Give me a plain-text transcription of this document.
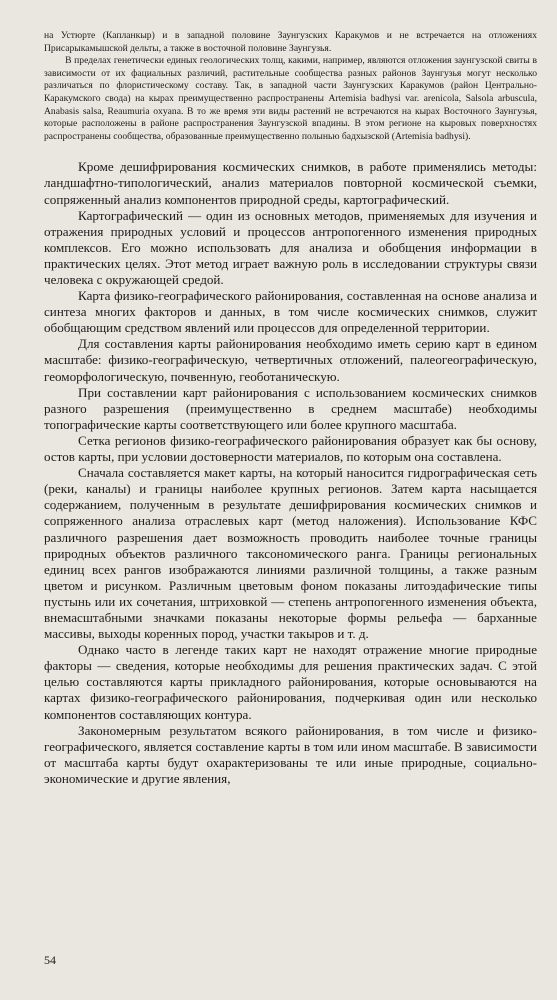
на Устюрте (Капланкыр) и в западной половине Заунгузских Каракумов и не встречается на отложениях Присарыкамышской дельты, а также в восточной половине Заунгузья.

В пределах генетически единых геологических толщ, какими, например, являются отложения заунгузской свиты в зависимости от их фациальных различий, растительные сообщества разных районов Заунгузья могут несколько различаться по флористическому составу. Так, в западной части Заунгузских Каракумов (район Центрально-Каракумского свода) на кырах преимущественно распространены Artemisia badhysi var. arenicola, Salsola arbuscula, Anabasis salsa, Reaumuria oxyana. В то же время эти виды растений не встречаются на кырах Восточного Заунгузья, которые расположены в районе распространения Заунгузской впадины. В этом регионе на кыровых поверхностях распространены сообщества, образованные преимущественно полынью бадхызской (Artemisia badhysi).

Кроме дешифрирования космических снимков, в работе применялись методы: ландшафтно-типологический, анализ материалов повторной космической съемки, сопряженный анализ компонентов природной среды, картографический.

Картографический — один из основных методов, применяемых для изучения и отражения природных условий и процессов антропогенного изменения природных комплексов. Его можно использовать для анализа и обобщения информации в практических целях. Этот метод играет важную роль в исследовании структуры связи человека с окружающей средой.

Карта физико-географического районирования, составленная на основе анализа и синтеза многих факторов и данных, в том числе космических снимков, служит обобщающим средством явлений или процессов для определенной территории.

Для составления карты районирования необходимо иметь серию карт в едином масштабе: физико-географическую, четвертичных отложений, палеогеографическую, геоморфологическую, почвенную, геоботаническую.

При составлении карт районирования с использованием космических снимков разного разрешения (преимущественно в среднем масштабе) необходимы топографические карты соответствующего или более крупного масштаба.

Сетка регионов физико-географического районирования образует как бы основу, остов карты, при условии достоверности материалов, по которым она составлена.

Сначала составляется макет карты, на который наносится гидрографическая сеть (реки, каналы) и границы наиболее крупных регионов. Затем карта насыщается содержанием, полученным в результате дешифрирования космических снимков и сопряженного анализа отраслевых карт (метод наложения). Использование КФС различного разрешения дает возможность проводить наиболее точные границы природных объектов различного таксономического ранга. Границы региональных единиц всех рангов изображаются линиями различной толщины, а также разным цветом и рисунком. Различным цветовым фоном показаны литоэдафические типы пустынь или их сочетания, штриховкой — степень антропогенного изменения объекта, внемасштабными значками показаны некоторые формы рельефа — барханные массивы, выходы коренных пород, участки такыров и т. д.

Однако часто в легенде таких карт не находят отражение многие природные факторы — сведения, которые необходимы для решения практических задач. С этой целью составляются карты прикладного районирования, которые основываются на картах физико-географического районирования, подчеркивая один или несколько компонентов составляющих контура.

Закономерным результатом всякого районирования, в том числе и физико-географического, является составление карты в том или ином масштабе. В зависимости от масштаба карты будут охарактеризованы те или иные природные, социально-экономические и другие явления,

54
